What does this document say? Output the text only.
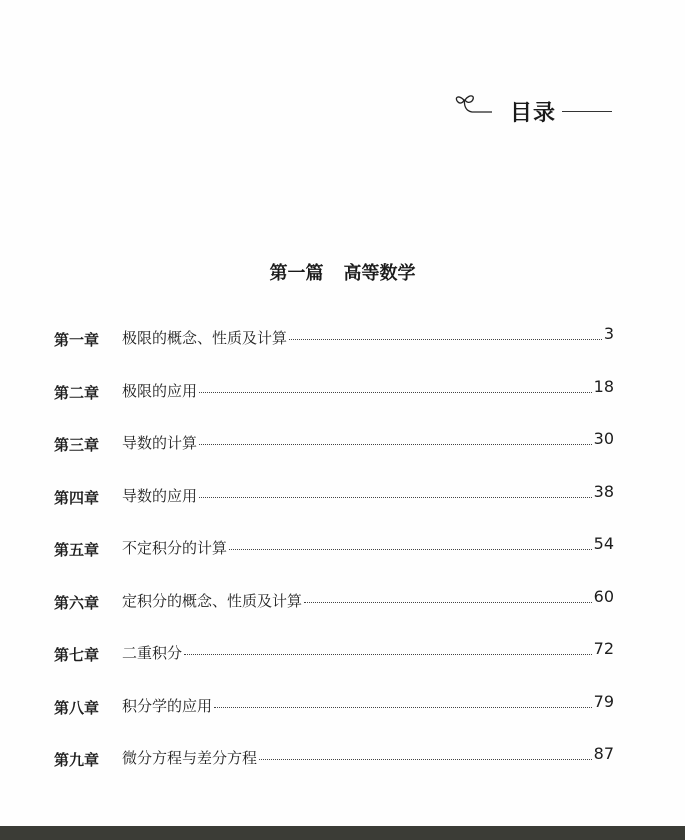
目录
第一篇 高等数学
第一章	极限的概念、性质及计算	3
第二章	极限的应用	18
第三章	导数的计算	30
第四章	导数的应用	38
第五章	不定积分的计算	54
第六章	定积分的概念、性质及计算	60
第七章	二重积分	72
第八章	积分学的应用	79
第九章	微分方程与差分方程	87
